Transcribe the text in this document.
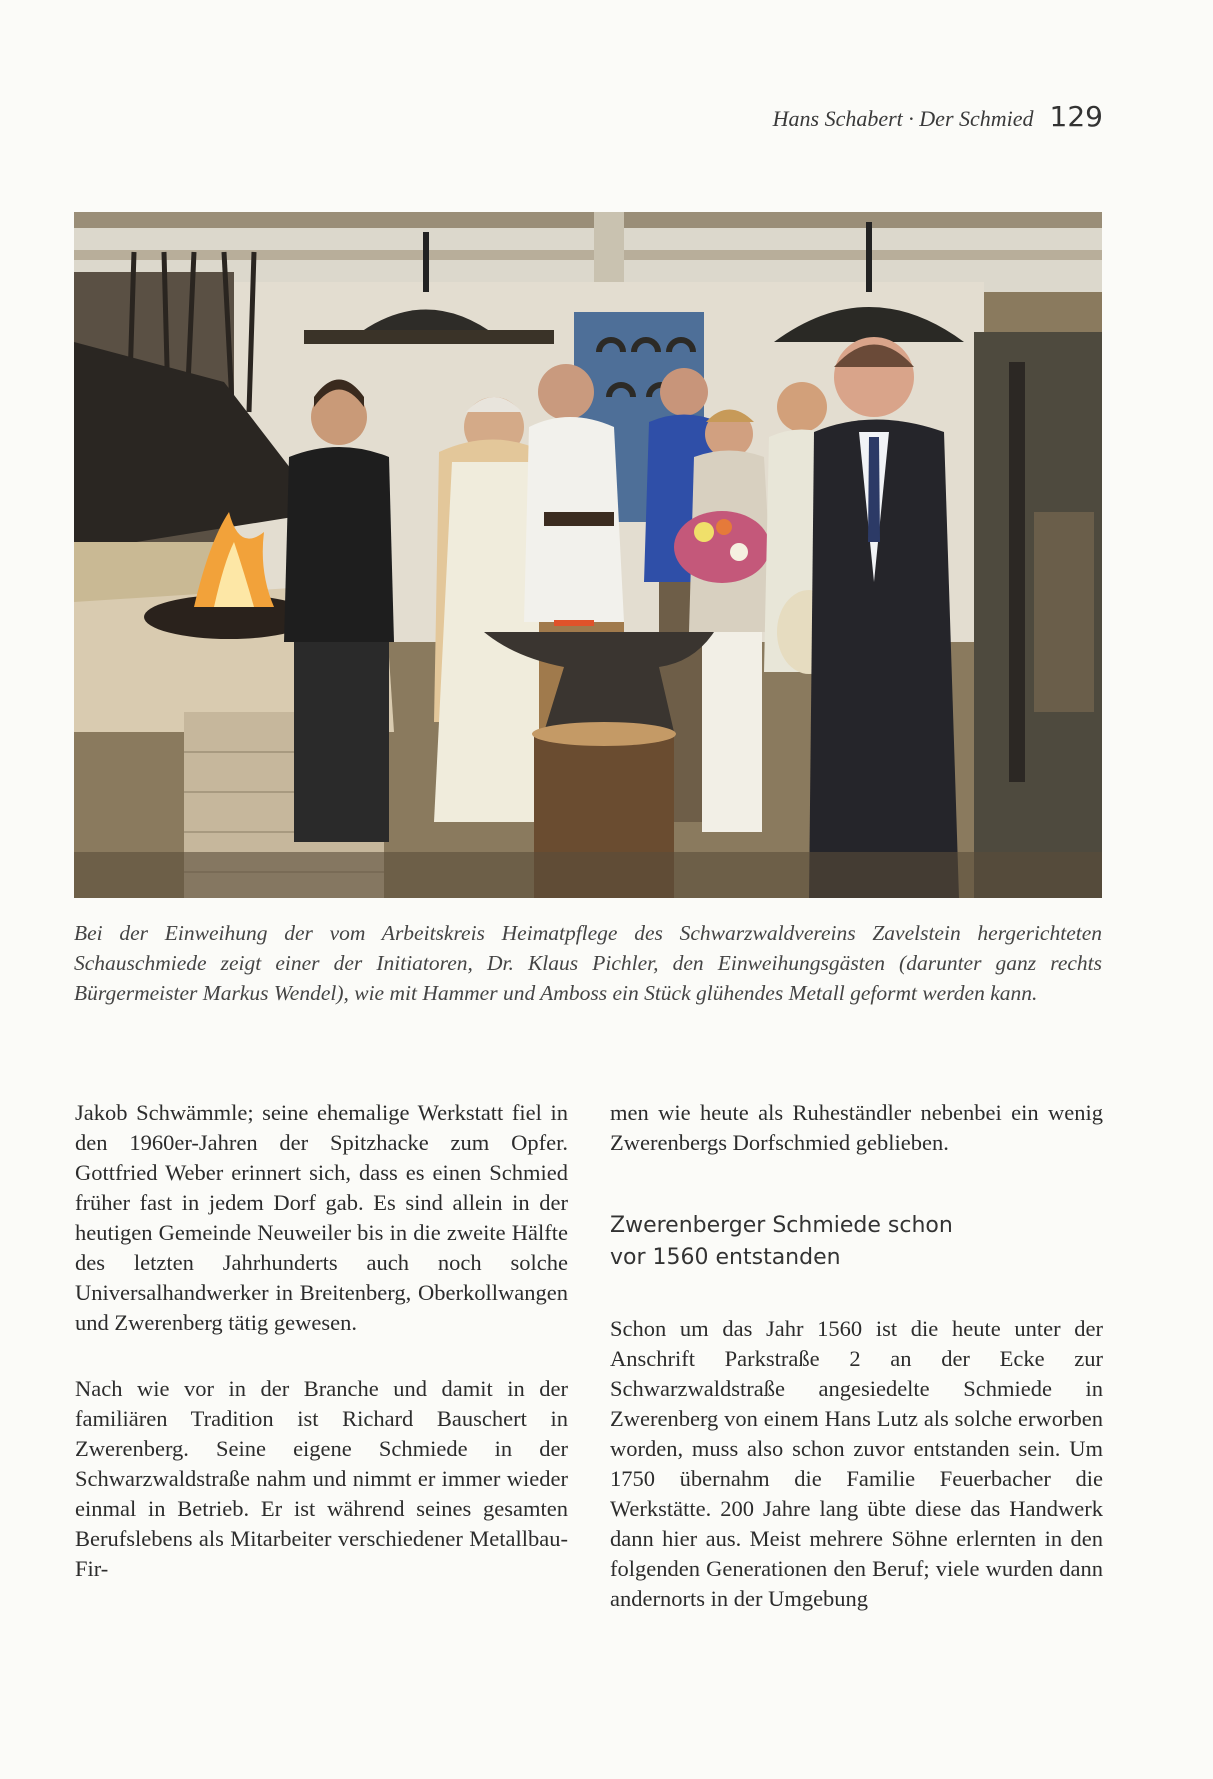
Hans Schabert · Der Schmied 129
Bei der Einweihung der vom Arbeitskreis Heimatpflege des Schwarzwaldvereins Zavelstein hergerichteten Schauschmiede zeigt einer der Initiatoren, Dr. Klaus Pichler, den Einweihungsgästen (darunter ganz rechts Bürgermeister Markus Wendel), wie mit Hammer und Amboss ein Stück glühendes Metall geformt werden kann.

Jakob Schwämmle; seine ehemalige Werkstatt fiel in den 1960er-Jahren der Spitzhacke zum Opfer. Gottfried Weber erinnert sich, dass es einen Schmied früher fast in jedem Dorf gab. Es sind allein in der heutigen Gemeinde Neuweiler bis in die zweite Hälfte des letzten Jahrhunderts auch noch solche Universalhandwerker in Breitenberg, Oberkollwangen und Zwerenberg tätig gewesen.

Nach wie vor in der Branche und damit in der familiären Tradition ist Richard Bauschert in Zwerenberg. Seine eigene Schmiede in der Schwarzwaldstraße nahm und nimmt er immer wieder einmal in Betrieb. Er ist während seines gesamten Berufslebens als Mitarbeiter verschiedener Metallbau-Fir-

men wie heute als Ruheständler nebenbei ein wenig Zwerenbergs Dorfschmied geblieben.

Zwerenberger Schmiede schon
vor 1560 entstanden

Schon um das Jahr 1560 ist die heute unter der Anschrift Parkstraße 2 an der Ecke zur Schwarzwaldstraße angesiedelte Schmiede in Zwerenberg von einem Hans Lutz als solche erworben worden, muss also schon zuvor entstanden sein. Um 1750 übernahm die Familie Feuerbacher die Werkstätte. 200 Jahre lang übte diese das Handwerk dann hier aus. Meist mehrere Söhne erlernten in den folgenden Generationen den Beruf; viele wurden dann andernorts in der Umgebung
